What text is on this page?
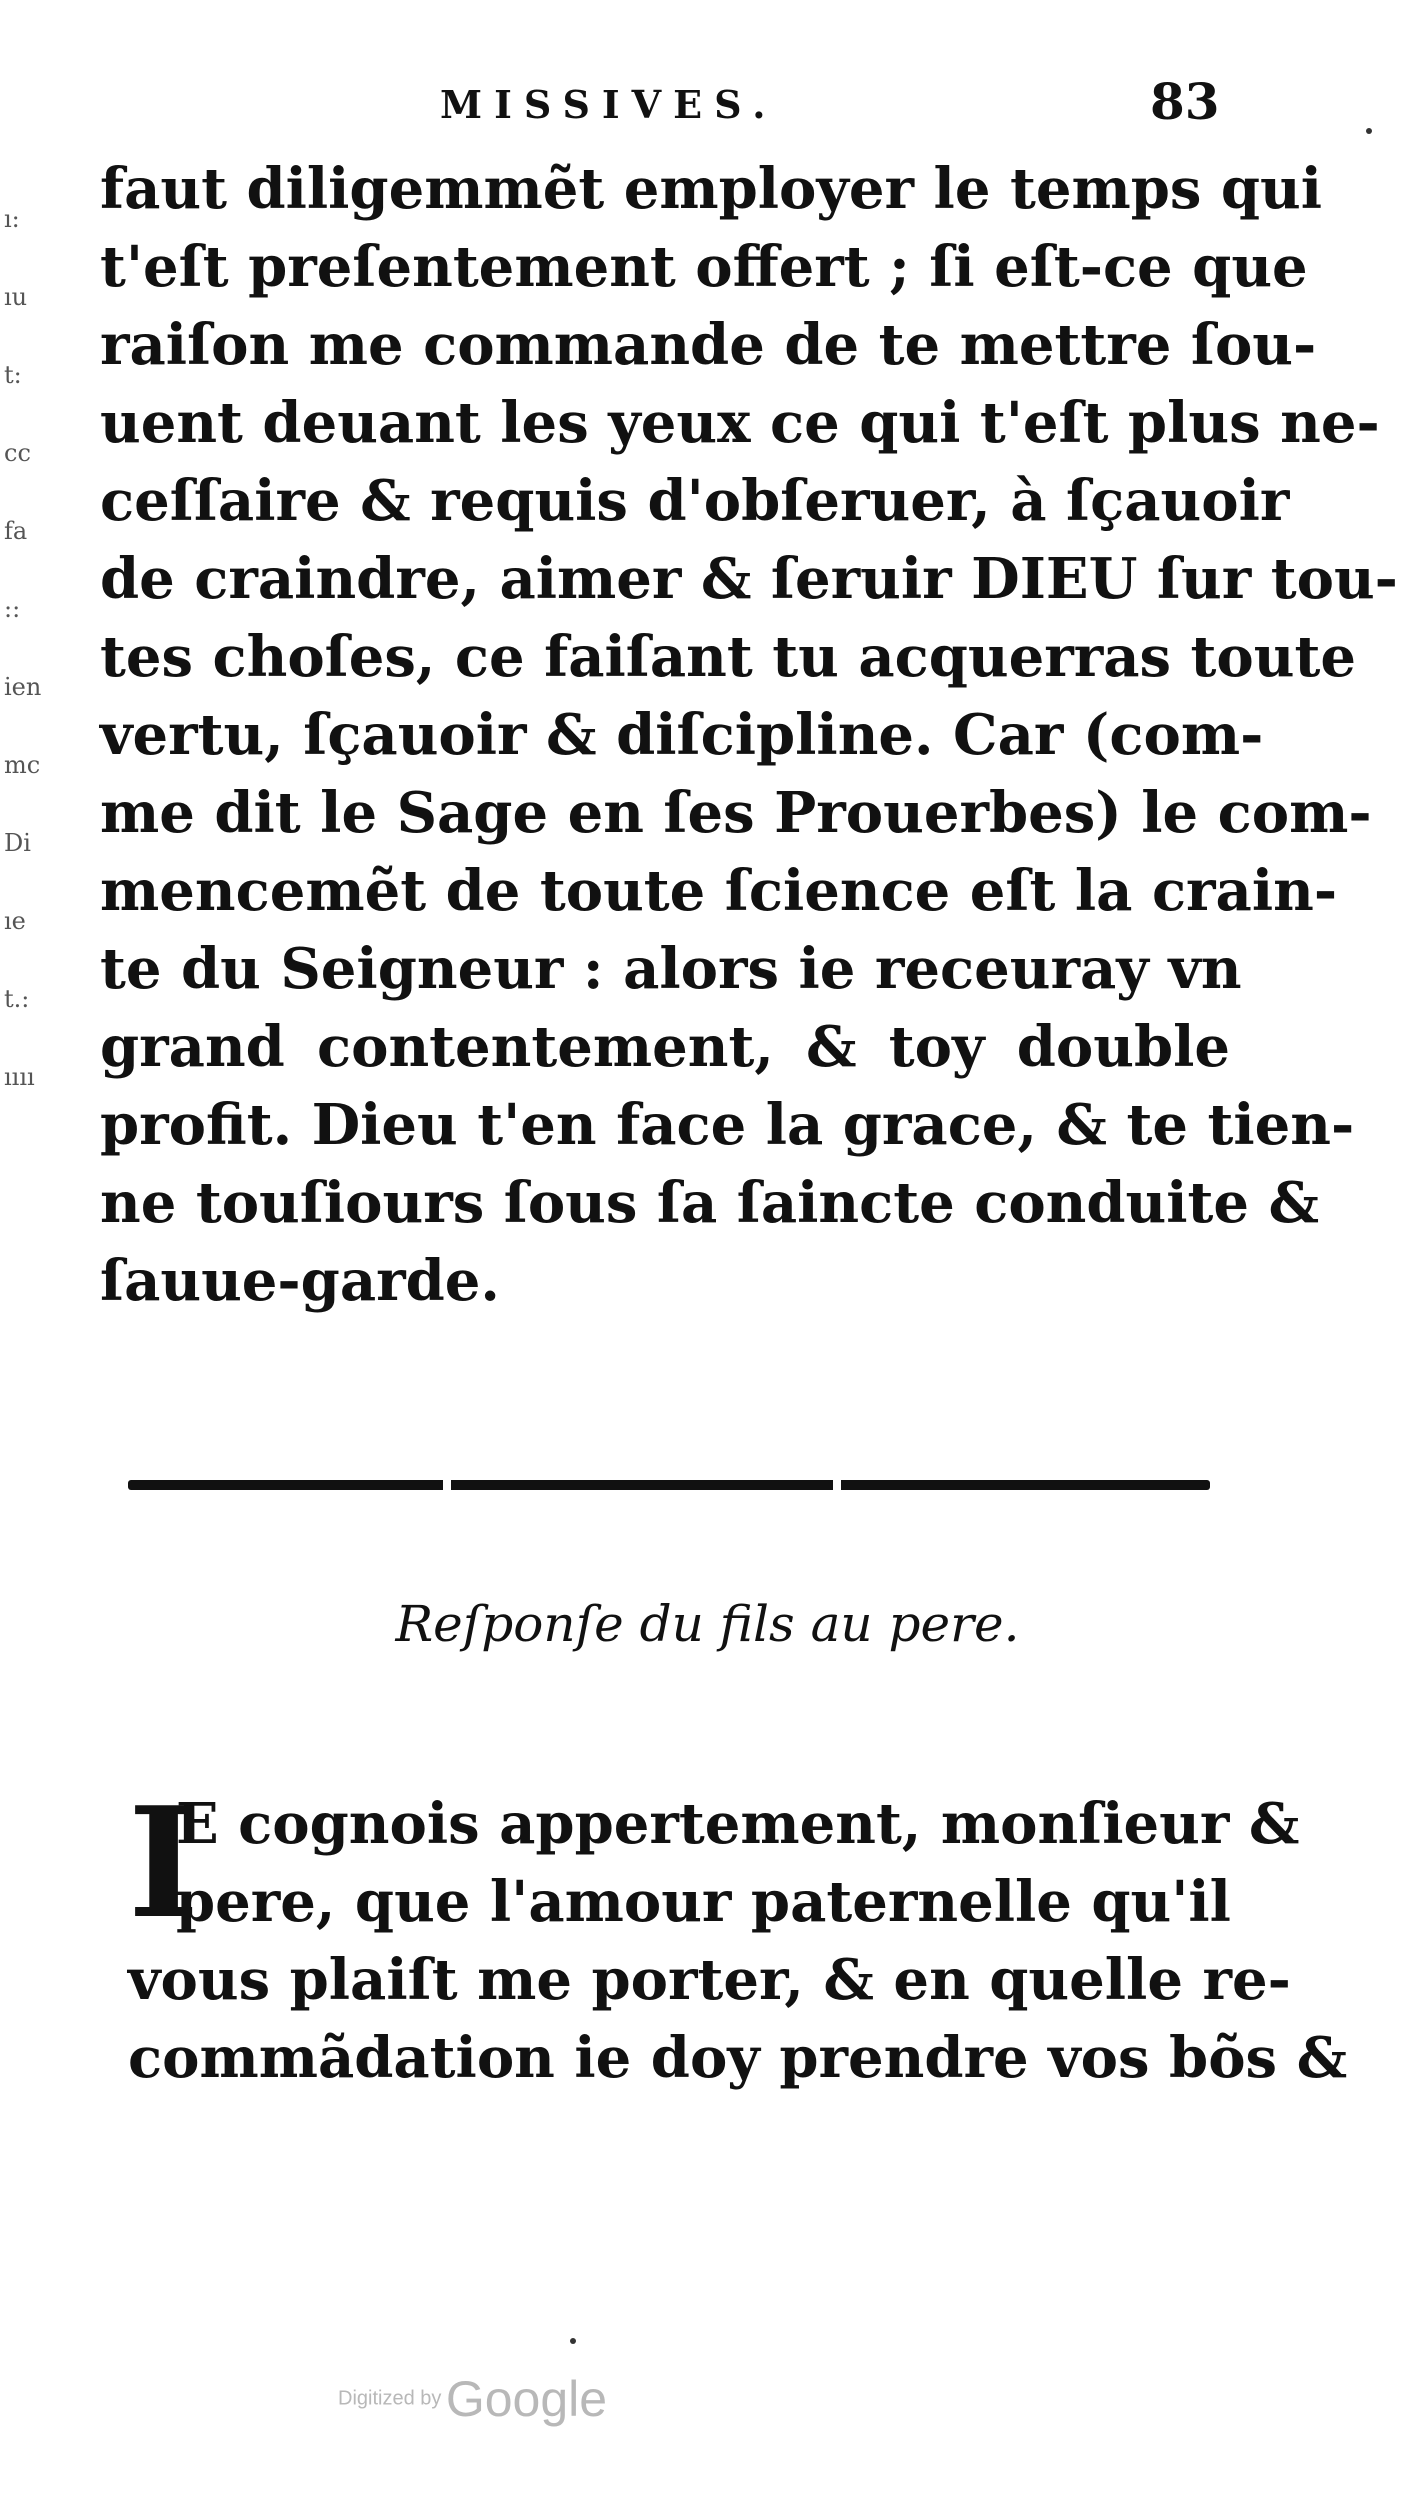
MISSIVES.	83
ı:
ıu
t:
cc
fa
::
ien
mc
Di
ıe
t.:
ıııı
faut diligemmẽt employer le temps qui
t'eſt preſentement offert ; ſi eſt-ce que
raiſon me commande de te mettre ſou-
uent deuant les yeux ce qui t'eſt plus ne-
ceſſaire & requis d'obſeruer, à ſçauoir
de craindre, aimer & ſeruir DIEU ſur tou-
tes choſes, ce faiſant tu acquerras toute
vertu, ſçauoir & diſcipline. Car (com-
me dit le Sage en ſes Prouerbes) le com-
mencemẽt de toute ſcience eſt la crain-
te du Seigneur : alors ie receuray vn
grand contentement, & toy double
profit. Dieu t'en face la grace, & te tien-
ne touſiours ſous ſa ſaincte conduite &
ſauue-garde.
Reſponſe du fils au pere.
I
E cognois appertement, monſieur &
pere, que l'amour paternelle qu'il
vous plaiſt me porter, & en quelle re-
commãdation ie doy prendre vos bõs &
Digitized by Google
